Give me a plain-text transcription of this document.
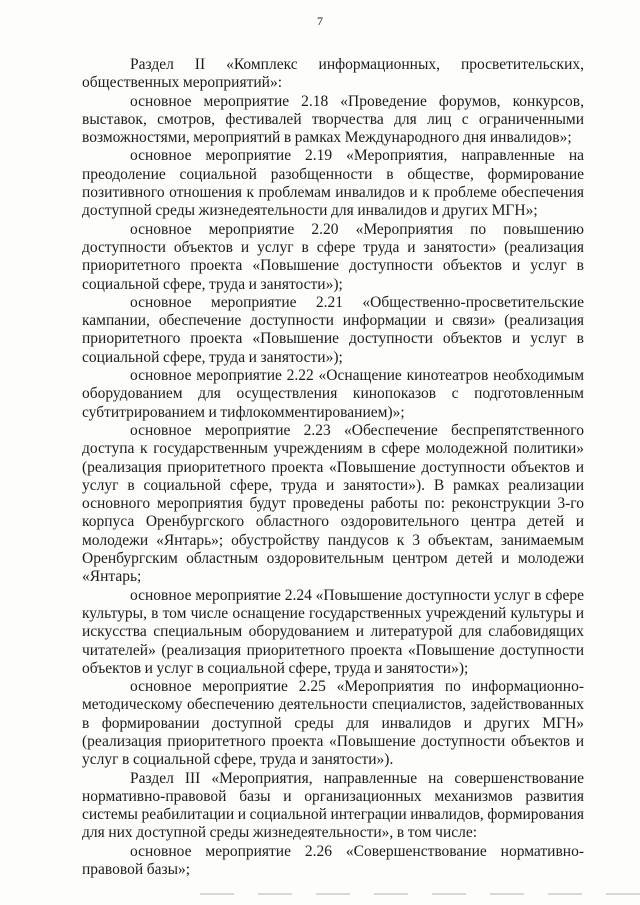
7

Раздел II «Комплекс информационных, просветительских, общественных мероприятий»:

основное мероприятие 2.18 «Проведение форумов, конкурсов, выставок, смотров, фестивалей творчества для лиц с ограниченными возможностями, мероприятий в рамках Международного дня инвалидов»;

основное мероприятие 2.19 «Мероприятия, направленные на преодоление социальной разобщенности в обществе, формирование позитивного отношения к проблемам инвалидов и к проблеме обеспечения доступной среды жизнедеятельности для инвалидов и других МГН»;

основное мероприятие 2.20 «Мероприятия по повышению доступности объектов и услуг в сфере труда и занятости» (реализация приоритетного проекта «Повышение доступности объектов и услуг в социальной сфере, труда и занятости»);

основное мероприятие 2.21 «Общественно-просветительские кампании, обеспечение доступности информации и связи» (реализация приоритетного проекта «Повышение доступности объектов и услуг в социальной сфере, труда и занятости»);

основное мероприятие 2.22 «Оснащение кинотеатров необходимым оборудованием для осуществления кинопоказов с подготовленным субтитрированием и тифлокомментированием)»;

основное мероприятие 2.23 «Обеспечение беспрепятственного доступа к государственным учреждениям в сфере молодежной политики» (реализация приоритетного проекта «Повышение доступности объектов и услуг в социальной сфере, труда и занятости»). В рамках реализации основного мероприятия будут проведены работы по: реконструкции 3-го корпуса Оренбургского областного оздоровительного центра детей и молодежи «Янтарь»; обустройству пандусов к 3 объектам, занимаемым Оренбургским областным оздоровительным центром детей и молодежи «Янтарь;

основное мероприятие 2.24 «Повышение доступности услуг в сфере культуры, в том числе оснащение государственных учреждений культуры и искусства специальным оборудованием и литературой для слабовидящих читателей» (реализация приоритетного проекта «Повышение доступности объектов и услуг в социальной сфере, труда и занятости»);

основное мероприятие 2.25 «Мероприятия по информационно-методическому обеспечению деятельности специалистов, задействованных в формировании доступной среды для инвалидов и других МГН» (реализация приоритетного проекта «Повышение доступности объектов и услуг в социальной сфере, труда и занятости»).

Раздел III «Мероприятия, направленные на совершенствование нормативно-правовой базы и организационных механизмов развития системы реабилитации и социальной интеграции инвалидов, формирования для них доступной среды жизнедеятельности», в том числе:

основное мероприятие 2.26 «Совершенствование нормативно-правовой базы»;
